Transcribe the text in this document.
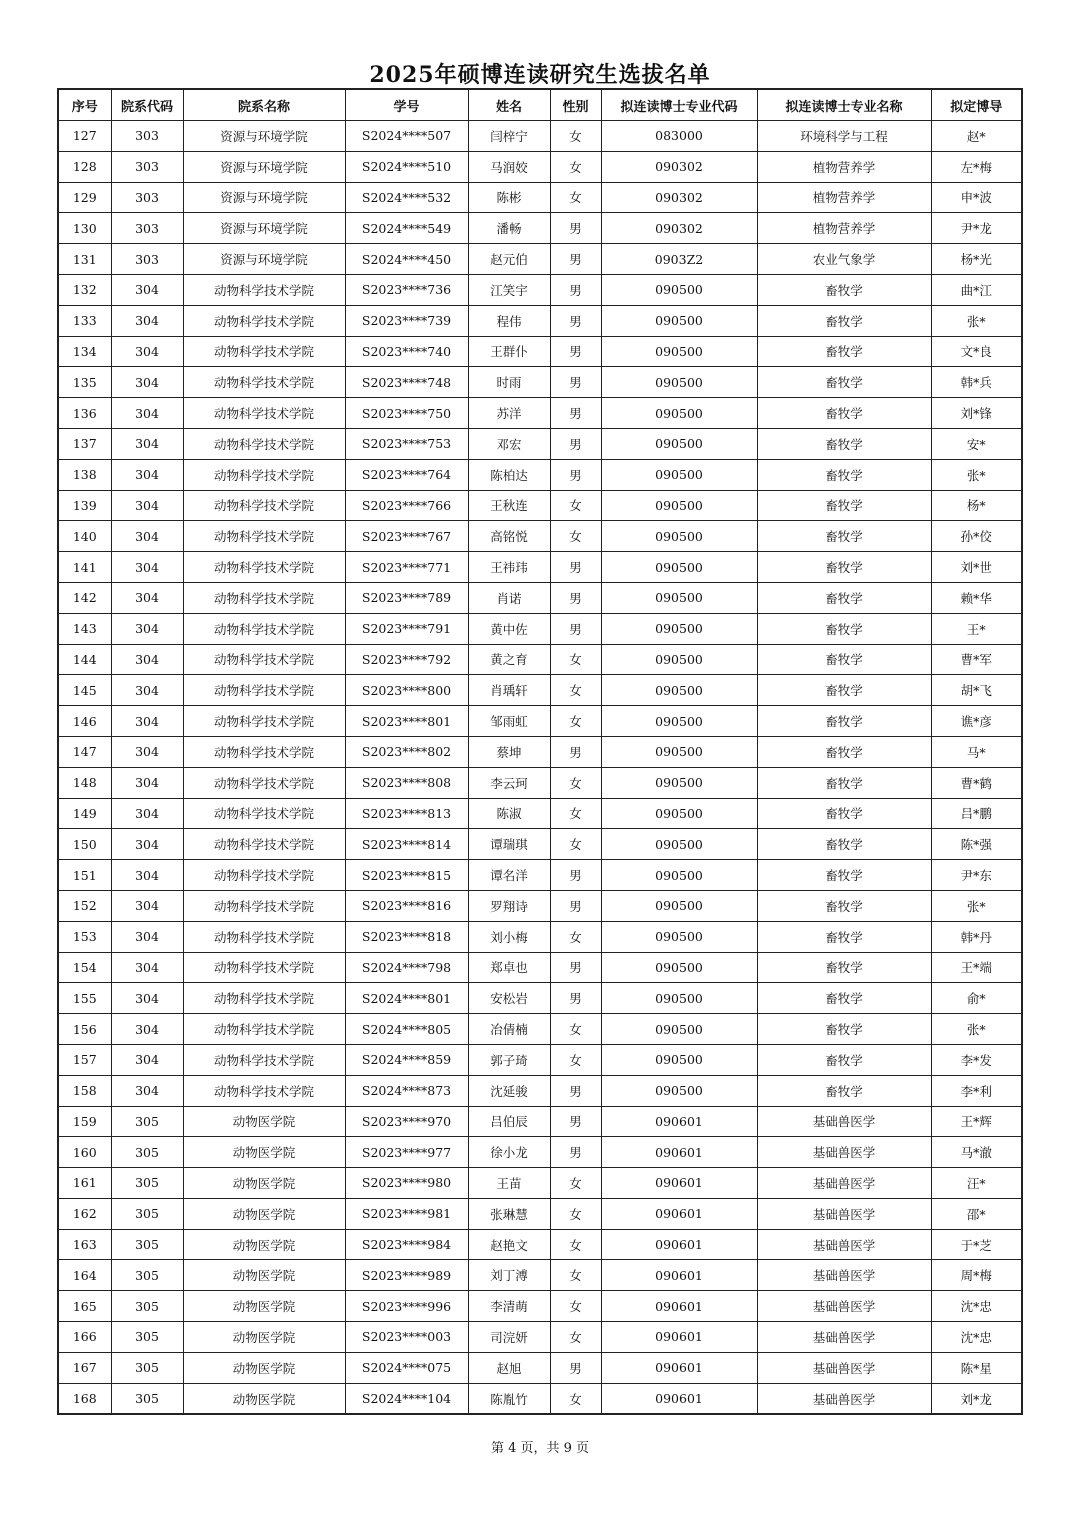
2025年硕博连读研究生选拔名单
序号	院系代码	院系名称	学号	姓名	性别	拟连读博士专业代码	拟连读博士专业名称	拟定博导
127	303	资源与环境学院	S2024****507	闫梓宁	女	083000	环境科学与工程	赵*
128	303	资源与环境学院	S2024****510	马润姣	女	090302	植物营养学	左*梅
129	303	资源与环境学院	S2024****532	陈彬	女	090302	植物营养学	申*波
130	303	资源与环境学院	S2024****549	潘畅	男	090302	植物营养学	尹*龙
131	303	资源与环境学院	S2024****450	赵元伯	男	0903Z2	农业气象学	杨*光
132	304	动物科学技术学院	S2023****736	江笑宇	男	090500	畜牧学	曲*江
133	304	动物科学技术学院	S2023****739	程伟	男	090500	畜牧学	张*
134	304	动物科学技术学院	S2023****740	王群仆	男	090500	畜牧学	文*良
135	304	动物科学技术学院	S2023****748	时雨	男	090500	畜牧学	韩*兵
136	304	动物科学技术学院	S2023****750	苏洋	男	090500	畜牧学	刘*锋
137	304	动物科学技术学院	S2023****753	邓宏	男	090500	畜牧学	安*
138	304	动物科学技术学院	S2023****764	陈柏达	男	090500	畜牧学	张*
139	304	动物科学技术学院	S2023****766	王秋连	女	090500	畜牧学	杨*
140	304	动物科学技术学院	S2023****767	高铭悦	女	090500	畜牧学	孙*佼
141	304	动物科学技术学院	S2023****771	王祎玮	男	090500	畜牧学	刘*世
142	304	动物科学技术学院	S2023****789	肖诺	男	090500	畜牧学	赖*华
143	304	动物科学技术学院	S2023****791	黄中佐	男	090500	畜牧学	王*
144	304	动物科学技术学院	S2023****792	黄之育	女	090500	畜牧学	曹*军
145	304	动物科学技术学院	S2023****800	肖瑀轩	女	090500	畜牧学	胡*飞
146	304	动物科学技术学院	S2023****801	邹雨虹	女	090500	畜牧学	谯*彦
147	304	动物科学技术学院	S2023****802	蔡坤	男	090500	畜牧学	马*
148	304	动物科学技术学院	S2023****808	李云珂	女	090500	畜牧学	曹*鹤
149	304	动物科学技术学院	S2023****813	陈淑	女	090500	畜牧学	吕*鹏
150	304	动物科学技术学院	S2023****814	谭瑞琪	女	090500	畜牧学	陈*强
151	304	动物科学技术学院	S2023****815	谭名洋	男	090500	畜牧学	尹*东
152	304	动物科学技术学院	S2023****816	罗翔诗	男	090500	畜牧学	张*
153	304	动物科学技术学院	S2023****818	刘小梅	女	090500	畜牧学	韩*丹
154	304	动物科学技术学院	S2024****798	郑卓也	男	090500	畜牧学	王*端
155	304	动物科学技术学院	S2024****801	安松岩	男	090500	畜牧学	俞*
156	304	动物科学技术学院	S2024****805	冶倩楠	女	090500	畜牧学	张*
157	304	动物科学技术学院	S2024****859	郭子琦	女	090500	畜牧学	李*发
158	304	动物科学技术学院	S2024****873	沈延骏	男	090500	畜牧学	李*利
159	305	动物医学院	S2023****970	吕伯辰	男	090601	基础兽医学	王*辉
160	305	动物医学院	S2023****977	徐小龙	男	090601	基础兽医学	马*澈
161	305	动物医学院	S2023****980	王苗	女	090601	基础兽医学	汪*
162	305	动物医学院	S2023****981	张琳慧	女	090601	基础兽医学	邵*
163	305	动物医学院	S2023****984	赵艳文	女	090601	基础兽医学	于*芝
164	305	动物医学院	S2023****989	刘丁溥	女	090601	基础兽医学	周*梅
165	305	动物医学院	S2023****996	李清萌	女	090601	基础兽医学	沈*忠
166	305	动物医学院	S2023****003	司浣妍	女	090601	基础兽医学	沈*忠
167	305	动物医学院	S2024****075	赵旭	男	090601	基础兽医学	陈*星
168	305	动物医学院	S2024****104	陈胤竹	女	090601	基础兽医学	刘*龙
第 4 页，共 9 页
